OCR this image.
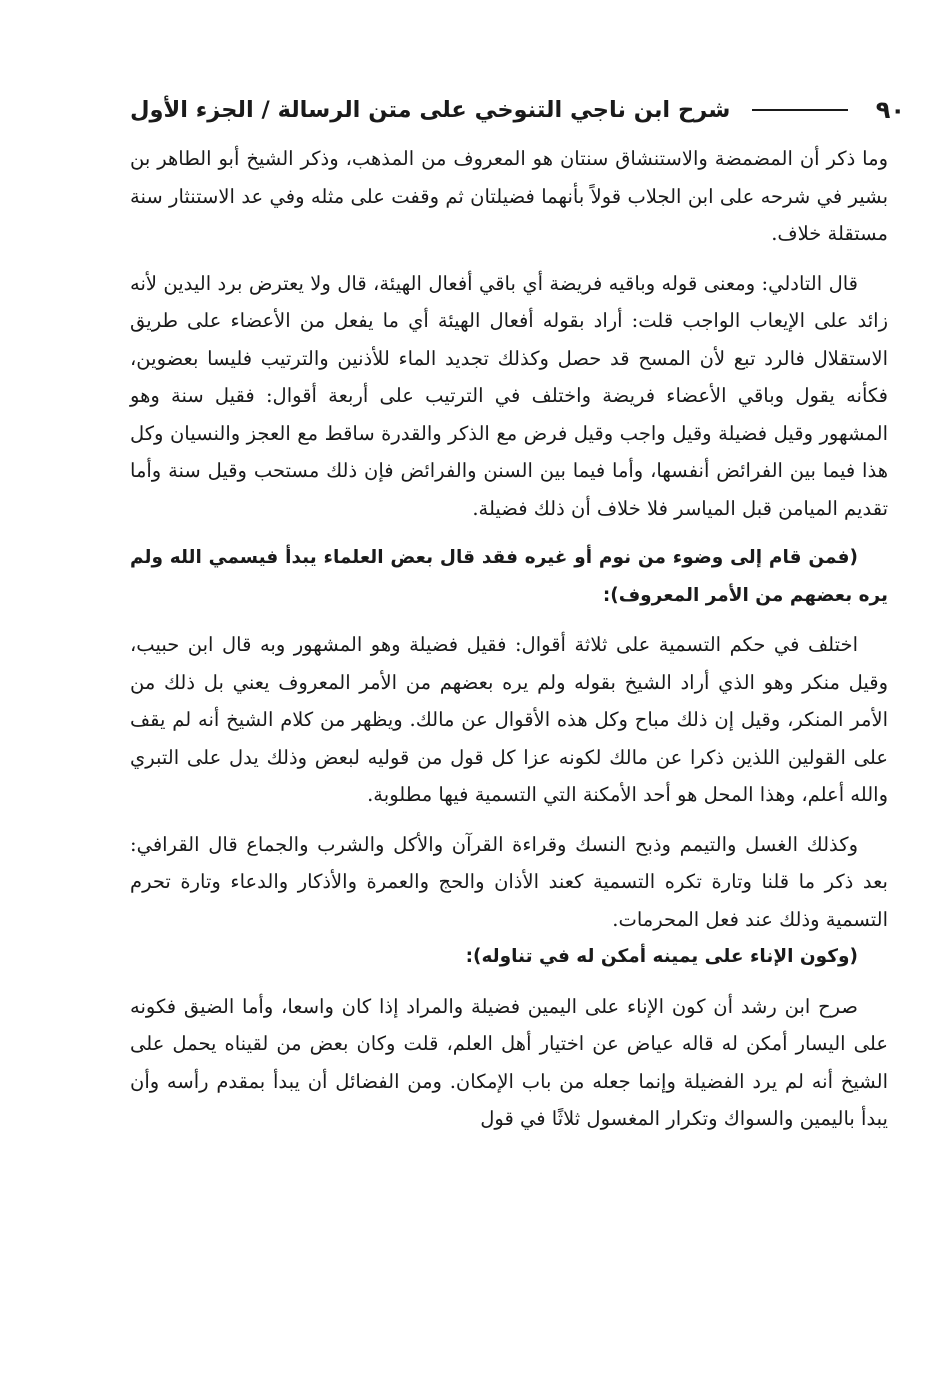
٩٠
شرح ابن ناجي التنوخي على متن الرسالة / الجزء الأول

وما ذكر أن المضمضة والاستنشاق سنتان هو المعروف من المذهب، وذكر الشيخ أبو الطاهر بن بشير في شرحه على ابن الجلاب قولاً بأنهما فضيلتان ثم وقفت على مثله وفي عد الاستنثار سنة مستقلة خلاف.

قال التادلي: ومعنى قوله وباقيه فريضة أي باقي أفعال الهيئة، قال ولا يعترض برد اليدين لأنه زائد على الإيعاب الواجب قلت: أراد بقوله أفعال الهيئة أي ما يفعل من الأعضاء على طريق الاستقلال فالرد تبع لأن المسح قد حصل وكذلك تجديد الماء للأذنين والترتيب فليسا بعضوين، فكأنه يقول وباقي الأعضاء فريضة واختلف في الترتيب على أربعة أقوال: فقيل سنة وهو المشهور وقيل فضيلة وقيل واجب وقيل فرض مع الذكر والقدرة ساقط مع العجز والنسيان وكل هذا فيما بين الفرائض أنفسها، وأما فيما بين السنن والفرائض فإن ذلك مستحب وقيل سنة وأما تقديم الميامن قبل المياسر فلا خلاف أن ذلك فضيلة.

(فمن قام إلى وضوء من نوم أو غيره فقد قال بعض العلماء يبدأ فيسمي الله ولم يره بعضهم من الأمر المعروف):

اختلف في حكم التسمية على ثلاثة أقوال: فقيل فضيلة وهو المشهور وبه قال ابن حبيب، وقيل منكر وهو الذي أراد الشيخ بقوله ولم يره بعضهم من الأمر المعروف يعني بل ذلك من الأمر المنكر، وقيل إن ذلك مباح وكل هذه الأقوال عن مالك. ويظهر من كلام الشيخ أنه لم يقف على القولين اللذين ذكرا عن مالك لكونه عزا كل قول من قوليه لبعض وذلك يدل على التبري والله أعلم، وهذا المحل هو أحد الأمكنة التي التسمية فيها مطلوبة.

وكذلك الغسل والتيمم وذبح النسك وقراءة القرآن والأكل والشرب والجماع قال القرافي: بعد ذكر ما قلنا وتارة تكره التسمية كعند الأذان والحج والعمرة والأذكار والدعاء وتارة تحرم التسمية وذلك عند فعل المحرمات.

(وكون الإناء على يمينه أمكن له في تناوله):

صرح ابن رشد أن كون الإناء على اليمين فضيلة والمراد إذا كان واسعا، وأما الضيق فكونه على اليسار أمكن له قاله عياض عن اختيار أهل العلم، قلت وكان بعض من لقيناه يحمل على الشيخ أنه لم يرد الفضيلة وإنما جعله من باب الإمكان. ومن الفضائل أن يبدأ بمقدم رأسه وأن يبدأ باليمين والسواك وتكرار المغسول ثلاثًا في قول
